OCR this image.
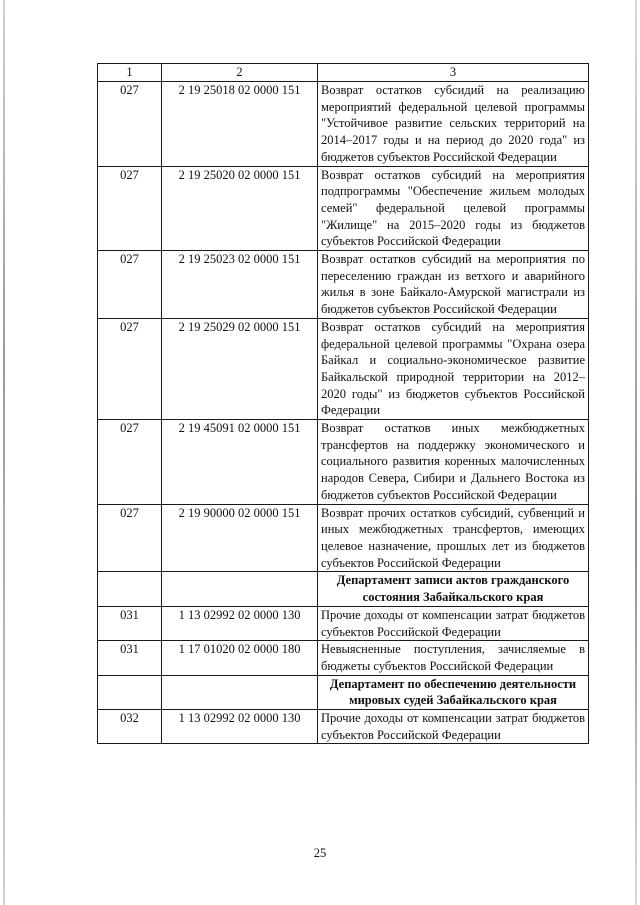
1	2	3
027	2 19 25018 02 0000 151	Возврат остатков субсидий на реализацию мероприятий федеральной целевой программы "Устойчивое развитие сельских территорий на 2014–2017 годы и на период до 2020 года" из бюджетов субъектов Российской Федерации
027	2 19 25020 02 0000 151	Возврат остатков субсидий на мероприятия подпрограммы "Обеспечение жильем молодых семей" федеральной целевой программы "Жилище" на 2015–2020 годы из бюджетов субъектов Российской Федерации
027	2 19 25023 02 0000 151	Возврат остатков субсидий на мероприятия по переселению граждан из ветхого и аварийного жилья в зоне Байкало-Амурской магистрали из бюджетов субъектов Российской Федерации
027	2 19 25029 02 0000 151	Возврат остатков субсидий на мероприятия федеральной целевой программы "Охрана озера Байкал и социально-экономическое развитие Байкальской природной территории на 2012–2020 годы" из бюджетов субъектов Российской Федерации
027	2 19 45091 02 0000 151	Возврат остатков иных межбюджетных трансфертов на поддержку экономического и социального развития коренных малочисленных народов Севера, Сибири и Дальнего Востока из бюджетов субъектов Российской Федерации
027	2 19 90000 02 0000 151	Возврат прочих остатков субсидий, субвенций и иных межбюджетных трансфертов, имеющих целевое назначение, прошлых лет из бюджетов субъектов Российской Федерации
		Департамент записи актов гражданского состояния Забайкальского края
031	1 13 02992 02 0000 130	Прочие доходы от компенсации затрат бюджетов субъектов Российской Федерации
031	1 17 01020 02 0000 180	Невыясненные поступления, зачисляемые в бюджеты субъектов Российской Федерации
		Департамент по обеспечению деятельности мировых судей Забайкальского края
032	1 13 02992 02 0000 130	Прочие доходы от компенсации затрат бюджетов субъектов Российской Федерации
25
